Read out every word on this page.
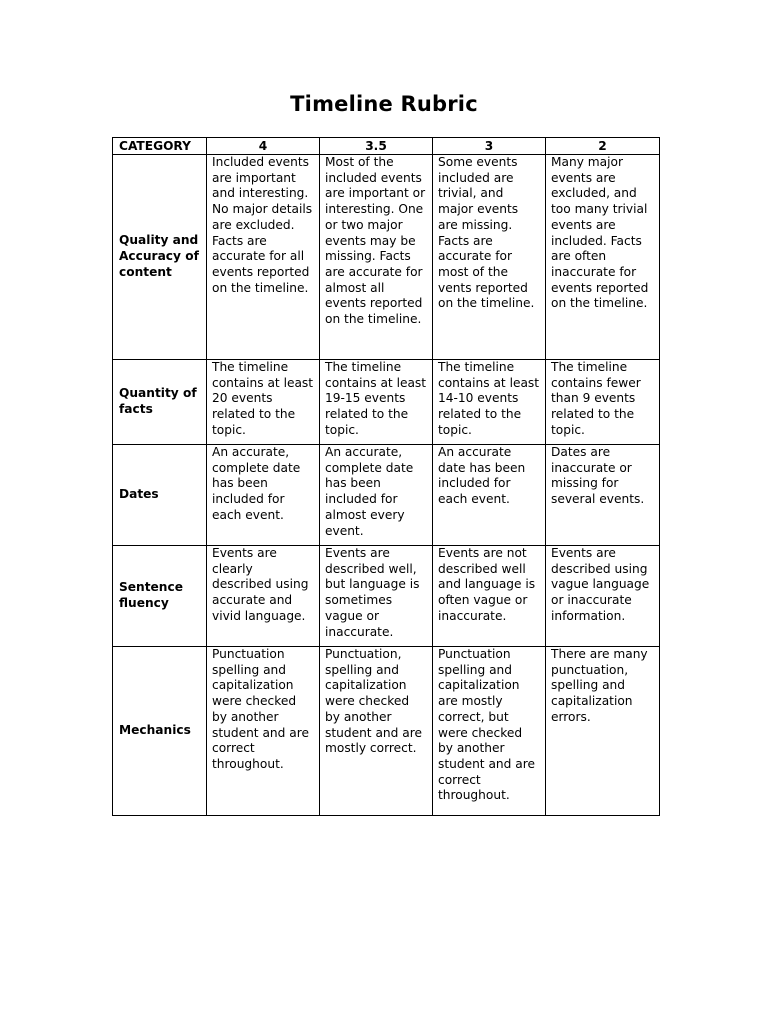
Timeline Rubric
CATEGORY	4	3.5	3	2
Quality and Accuracy of content	Included events are important and interesting. No major details are excluded. Facts are accurate for all events reported on the timeline.	Most of the included events are important or interesting. One or two major events may be missing. Facts are accurate for almost all events reported on the timeline.	Some events included are trivial, and major events are missing. Facts are accurate for most of the vents reported on the timeline.	Many major events are excluded, and too many trivial events are included. Facts are often inaccurate for events reported on the timeline.
Quantity of facts	The timeline contains at least 20 events related to the topic.	The timeline contains at least 19-15 events related to the topic.	The timeline contains at least 14-10 events related to the topic.	The timeline contains fewer than 9 events related to the topic.
Dates	An accurate, complete date has been included for each event.	An accurate, complete date has been included for almost every event.	An accurate date has been included for each event.	Dates are inaccurate or missing for several events.
Sentence fluency	Events are clearly described using accurate and vivid language.	Events are described well, but language is sometimes vague or inaccurate.	Events are not described well and language is often vague or inaccurate.	Events are described using vague language or inaccurate information.
Mechanics	Punctuation spelling and capitalization were checked by another student and are correct throughout.	Punctuation, spelling and capitalization were checked by another student and are mostly correct.	Punctuation spelling and capitalization are mostly correct, but were checked by another student and are correct throughout.	There are many punctuation, spelling and capitalization errors.
